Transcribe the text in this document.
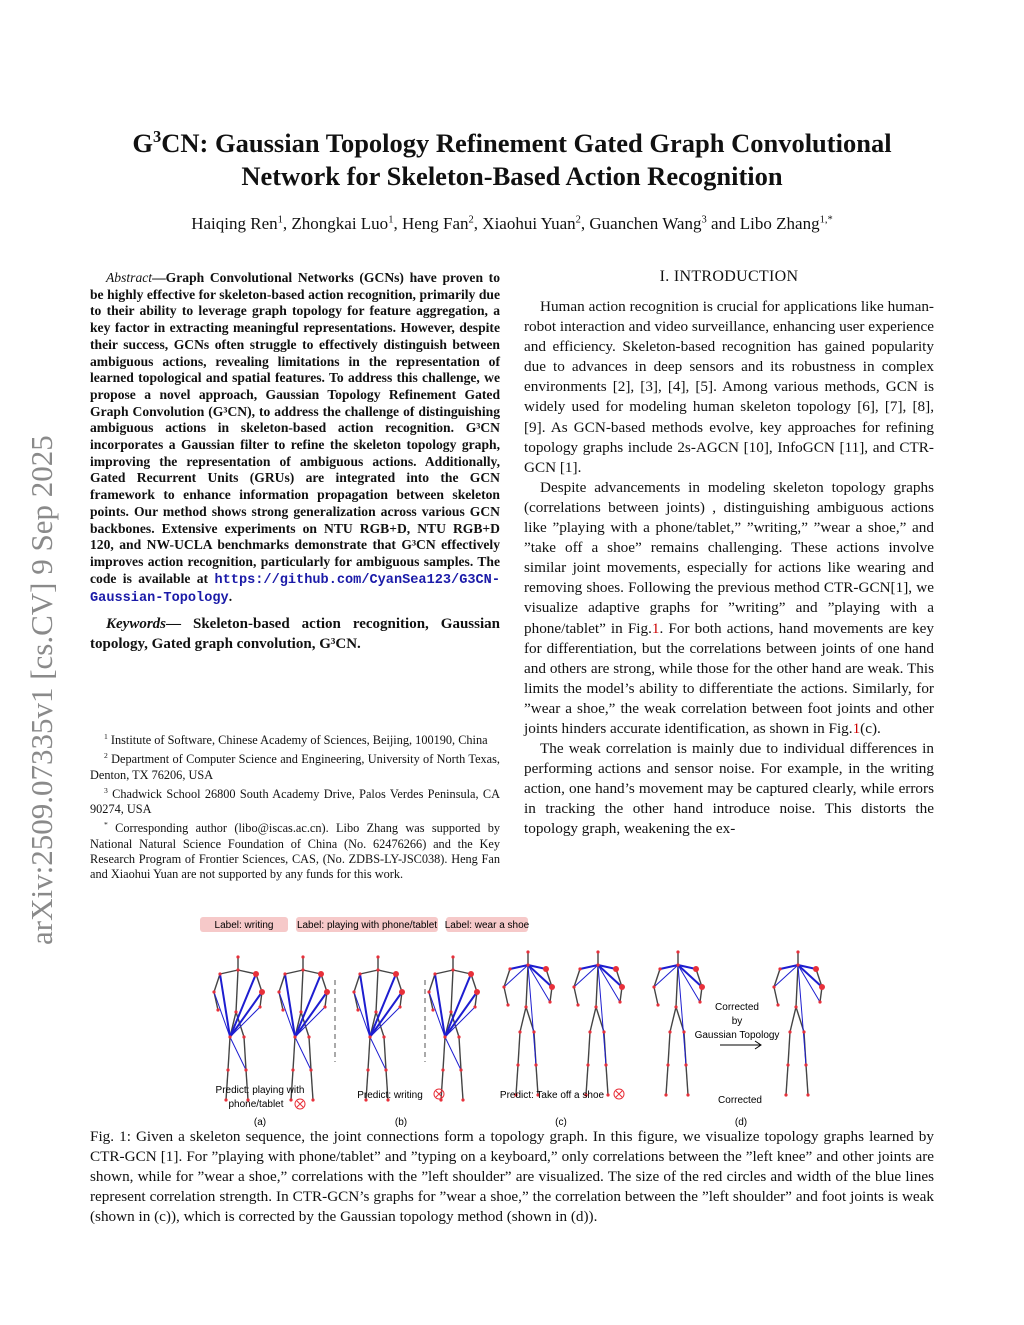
arXiv:2509.07335v1 [cs.CV] 9 Sep 2025
$G^3CN$: Gaussian Topology Refinement Gated Graph Convolutional
Network for Skeleton-Based Action Recognition
Haiqing Ren$^1$, Zhongkai Luo$^1$, Heng Fan$^2$, Xiaohui Yuan$^2$, Guanchen Wang$^3$ and Libo Zhang$^{1,*}$

Abstract—Graph Convolutional Networks (GCNs) have proven to be highly effective for skeleton-based action recognition, primarily due to their ability to leverage graph topology for feature aggregation, a key factor in extracting meaningful representations. However, despite their success, GCNs often struggle to effectively distinguish between ambiguous actions, revealing limitations in the representation of learned topological and spatial features. To address this challenge, we propose a novel approach, Gaussian Topology Refinement Gated Graph Convolution (G³CN), to address the challenge of distinguishing ambiguous actions in skeleton-based action recognition. G³CN incorporates a Gaussian filter to refine the skeleton topology graph, improving the representation of ambiguous actions. Additionally, Gated Recurrent Units (GRUs) are integrated into the GCN framework to enhance information propagation between skeleton points. Our method shows strong generalization across various GCN backbones. Extensive experiments on NTU RGB+D, NTU RGB+D 120, and NW-UCLA benchmarks demonstrate that G³CN effectively improves action recognition, particularly for ambiguous samples. The code is available at https://github.com/CyanSea123/G3CN-Gaussian-Topology.

Keywords— Skeleton-based action recognition, Gaussian topology, Gated graph convolution, G³CN.

$^1$ Institute of Software, Chinese Academy of Sciences, Beijing, 100190, China

$^2$ Department of Computer Science and Engineering, University of North Texas, Denton, TX 76206, USA

$^3$ Chadwick School 26800 South Academy Drive, Palos Verdes Peninsula, CA 90274, USA

* Corresponding author (libo@iscas.ac.cn). Libo Zhang was supported by National Natural Science Foundation of China (No. 62476266) and the Key Research Program of Frontier Sciences, CAS, (No. ZDBS-LY-JSC038). Heng Fan and Xiaohui Yuan are not supported by any funds for this work.

I. INTRODUCTION

Human action recognition is crucial for applications like human-robot interaction and video surveillance, enhancing user experience and efficiency. Skeleton-based recognition has gained popularity due to advances in deep sensors and its robustness in complex environments [2], [3], [4], [5]. Among various methods, GCN is widely used for modeling human skeleton topology [6], [7], [8], [9]. As GCN-based methods evolve, key approaches for refining topology graphs include 2s-AGCN [10], InfoGCN [11], and CTR-GCN [1].

Despite advancements in modeling skeleton topology graphs (correlations between joints) , distinguishing ambiguous actions like ”playing with a phone/tablet,” ”writing,” ”wear a shoe,” and ”take off a shoe” remains challenging. These actions involve similar joint movements, especially for actions like wearing and removing shoes. Following the previous method CTR-GCN[1], we visualize adaptive graphs for ”writing” and ”playing with a phone/tablet” in Fig.1. For both actions, hand movements are key for differentiation, but the correlations between joints of one hand and others are strong, while those for the other hand are weak. This limits the model’s ability to differentiate the actions. Similarly, for ”wear a shoe,” the weak correlation between foot joints and other joints hinders accurate identification, as shown in Fig.1(c).

The weak correlation is mainly due to individual differences in performing actions and sensor noise. For example, in the writing action, one hand’s movement may be captured clearly, while errors in tracking the other hand introduce noise. This distorts the topology graph, weakening the ex-

Label: writing Label: playing with phone/tablet Label: wear a shoe
Corrected
by
Gaussian Topology
Predict: playing with
phone/tablet
Predict: writing	Predict: Take off a shoe	Corrected
(a)	(b)	(c)	(d)
Fig. 1: Given a skeleton sequence, the joint connections form a topology graph. In this figure, we visualize topology graphs learned by CTR-GCN [1]. For ”playing with phone/tablet” and ”typing on a keyboard,” only correlations between the ”left knee” and other joints are shown, while for ”wear a shoe,” correlations with the ”left shoulder” are visualized. The size of the red circles and width of the blue lines represent correlation strength. In CTR-GCN’s graphs for ”wear a shoe,” the correlation between the ”left shoulder” and foot joints is weak (shown in (c)), which is corrected by the Gaussian topology method (shown in (d)).
